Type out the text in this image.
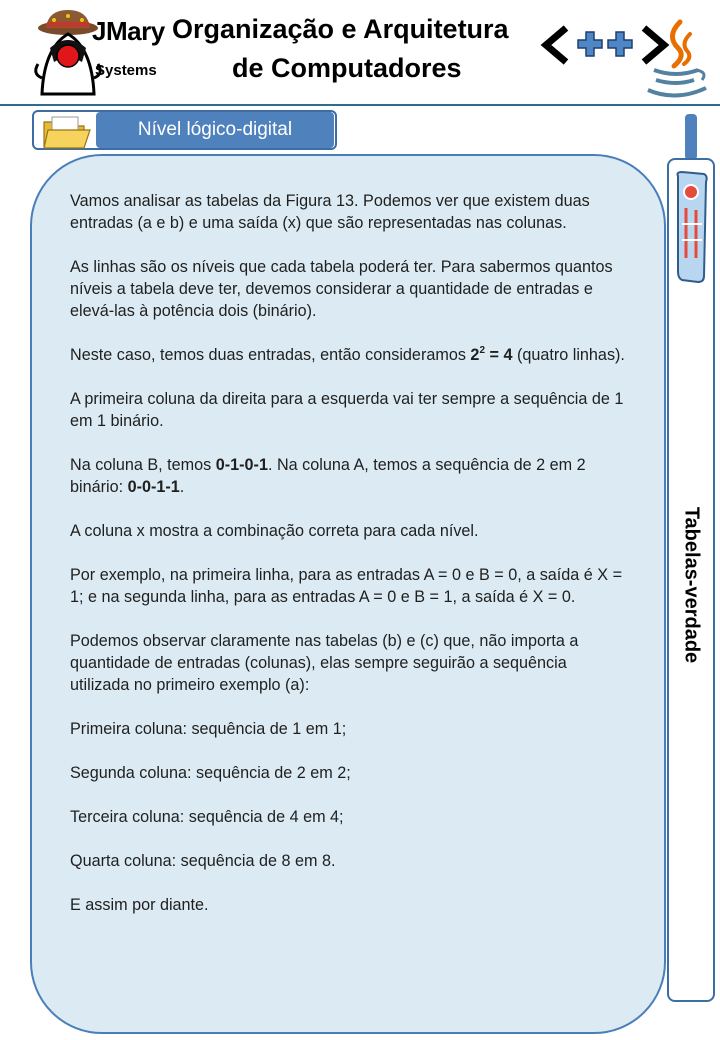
JMary
Systems
Organização e Arquitetura
de Computadores
Nível lógico-digital
Tabelas-verdade

Vamos analisar as tabelas da Figura 13. Podemos ver que existem duas entradas (a e b) e uma saída (x) que são representadas nas colunas.

As linhas são os níveis que cada tabela poderá ter. Para sabermos quantos níveis a tabela deve ter, devemos considerar a quantidade de entradas e elevá-las à potência dois (binário).

Neste caso, temos duas entradas, então consideramos $2^2 = 4$ (quatro linhas).

A primeira coluna da direita para a esquerda vai ter sempre a sequência de 1 em 1 binário.

Na coluna B, temos 0-1-0-1. Na coluna A, temos a sequência de 2 em 2 binário: 0-0-1-1.

A coluna x mostra a combinação correta para cada nível.

Por exemplo, na primeira linha, para as entradas A = 0 e B = 0, a saída é X = 1; e na segunda linha, para as entradas A = 0 e B = 1, a saída é X = 0.

Podemos observar claramente nas tabelas (b) e (c) que, não importa a quantidade de entradas (colunas), elas sempre seguirão a sequência utilizada no primeiro exemplo (a):

Primeira coluna: sequência de 1 em 1;

Segunda coluna: sequência de 2 em 2;

Terceira coluna: sequência de 4 em 4;

Quarta coluna: sequência de 8 em 8.

E assim por diante.
